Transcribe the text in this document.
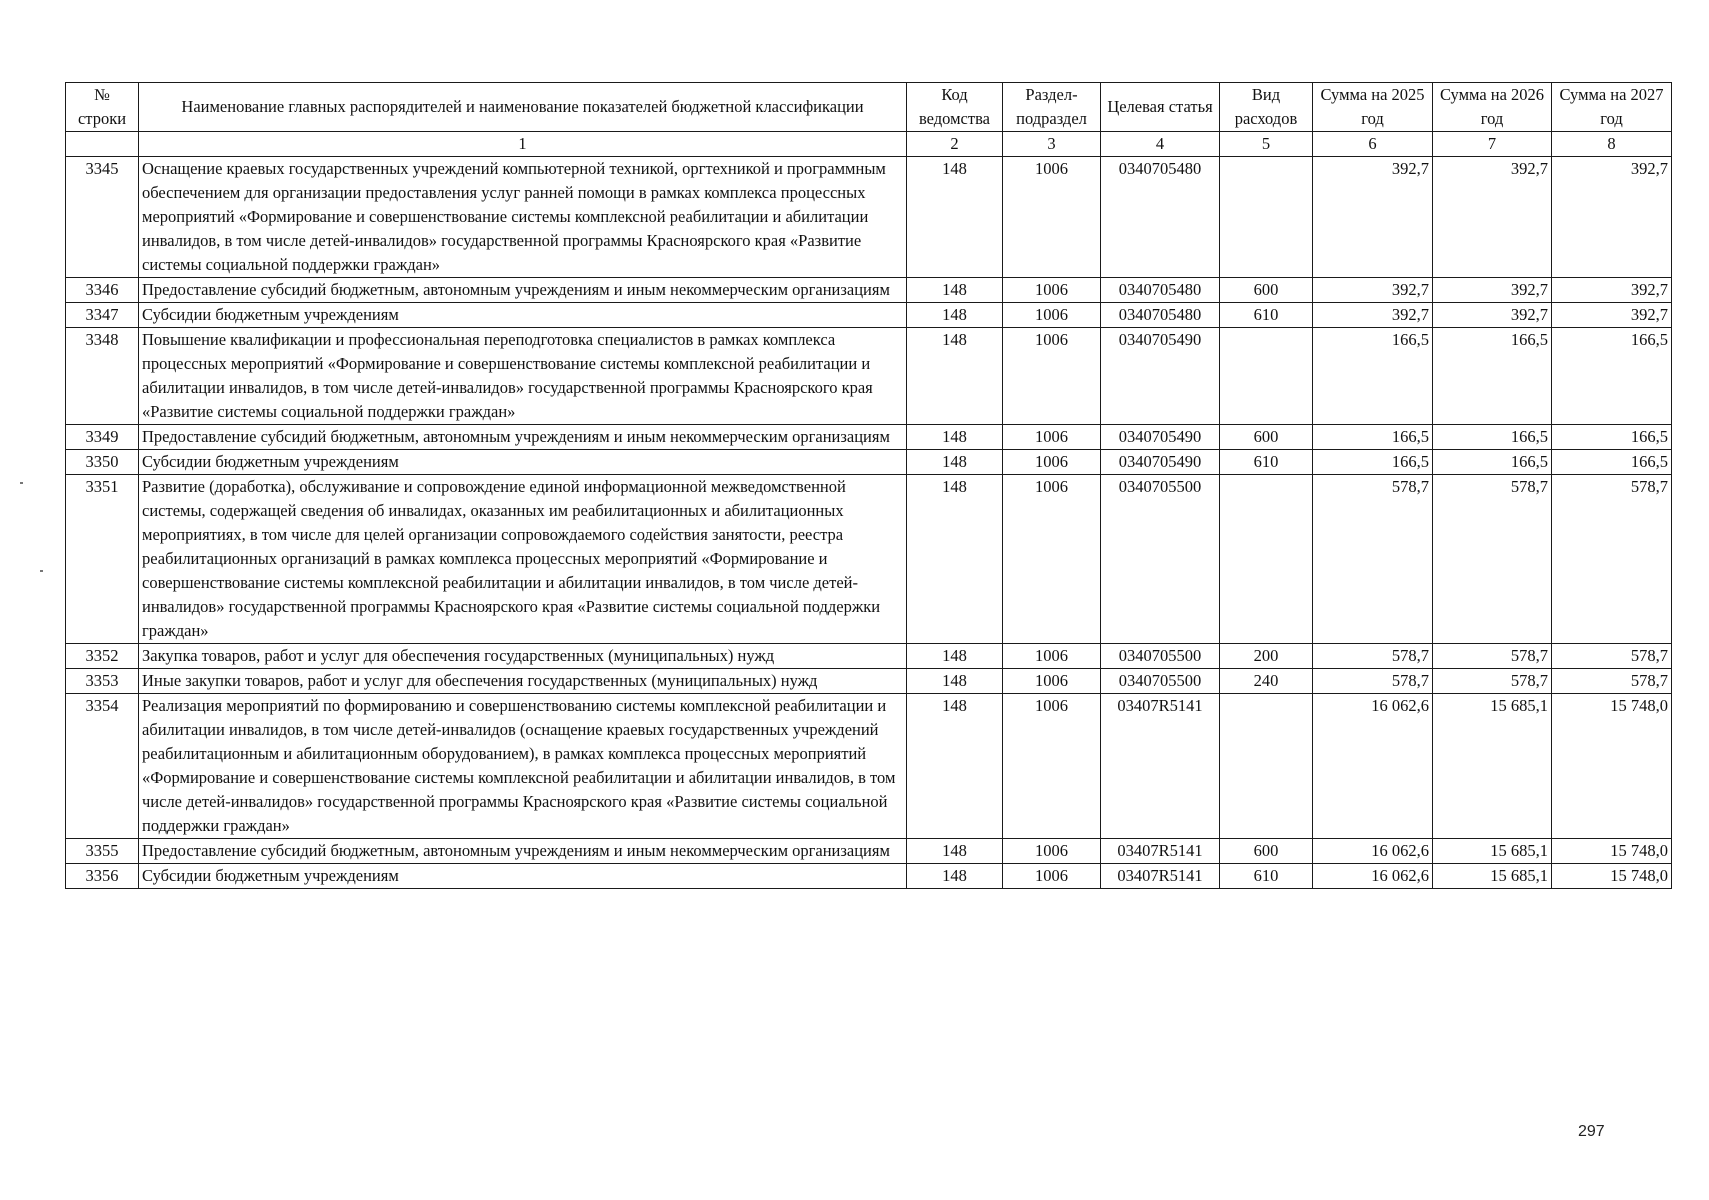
№ строки	Наименование главных распорядителей и наименование показателей бюджетной классификации	Код ведомства	Раздел-подраздел	Целевая статья	Вид расходов	Сумма на 2025 год	Сумма на 2026 год	Сумма на 2027 год
	1	2	3	4	5	6	7	8
3345	Оснащение краевых государственных учреждений компьютерной техникой, оргтехникой и программным обеспечением для организации предоставления услуг ранней помощи в рамках комплекса процессных мероприятий «Формирование и совершенствование системы комплексной реабилитации и абилитации инвалидов, в том числе детей-инвалидов» государственной программы Красноярского края «Развитие системы социальной поддержки граждан»	148	1006	0340705480		392,7	392,7	392,7
3346	Предоставление субсидий бюджетным, автономным учреждениям и иным некоммерческим организациям	148	1006	0340705480	600	392,7	392,7	392,7
3347	Субсидии бюджетным учреждениям	148	1006	0340705480	610	392,7	392,7	392,7
3348	Повышение квалификации и профессиональная переподготовка специалистов в рамках комплекса процессных мероприятий «Формирование и совершенствование системы комплексной реабилитации и абилитации инвалидов, в том числе детей-инвалидов» государственной программы Красноярского края «Развитие системы социальной поддержки граждан»	148	1006	0340705490		166,5	166,5	166,5
3349	Предоставление субсидий бюджетным, автономным учреждениям и иным некоммерческим организациям	148	1006	0340705490	600	166,5	166,5	166,5
3350	Субсидии бюджетным учреждениям	148	1006	0340705490	610	166,5	166,5	166,5
3351	Развитие (доработка), обслуживание и сопровождение единой информационной межведомственной системы, содержащей сведения об инвалидах, оказанных им реабилитационных и абилитационных мероприятиях, в том числе для целей организации сопровождаемого содействия занятости, реестра реабилитационных организаций в рамках комплекса процессных мероприятий «Формирование и совершенствование системы комплексной реабилитации и абилитации инвалидов, в том числе детей-инвалидов» государственной программы Красноярского края «Развитие системы социальной поддержки граждан»	148	1006	0340705500		578,7	578,7	578,7
3352	Закупка товаров, работ и услуг для обеспечения государственных (муниципальных) нужд	148	1006	0340705500	200	578,7	578,7	578,7
3353	Иные закупки товаров, работ и услуг для обеспечения государственных (муниципальных) нужд	148	1006	0340705500	240	578,7	578,7	578,7
3354	Реализация мероприятий по формированию и совершенствованию системы комплексной реабилитации и абилитации инвалидов, в том числе детей-инвалидов (оснащение краевых государственных учреждений реабилитационным и абилитационным оборудованием), в рамках комплекса процессных мероприятий «Формирование и совершенствование системы комплексной реабилитации и абилитации инвалидов, в том числе детей-инвалидов» государственной программы Красноярского края «Развитие системы социальной поддержки граждан»	148	1006	03407R5141		16 062,6	15 685,1	15 748,0
3355	Предоставление субсидий бюджетным, автономным учреждениям и иным некоммерческим организациям	148	1006	03407R5141	600	16 062,6	15 685,1	15 748,0
3356	Субсидии бюджетным учреждениям	148	1006	03407R5141	610	16 062,6	15 685,1	15 748,0
297
